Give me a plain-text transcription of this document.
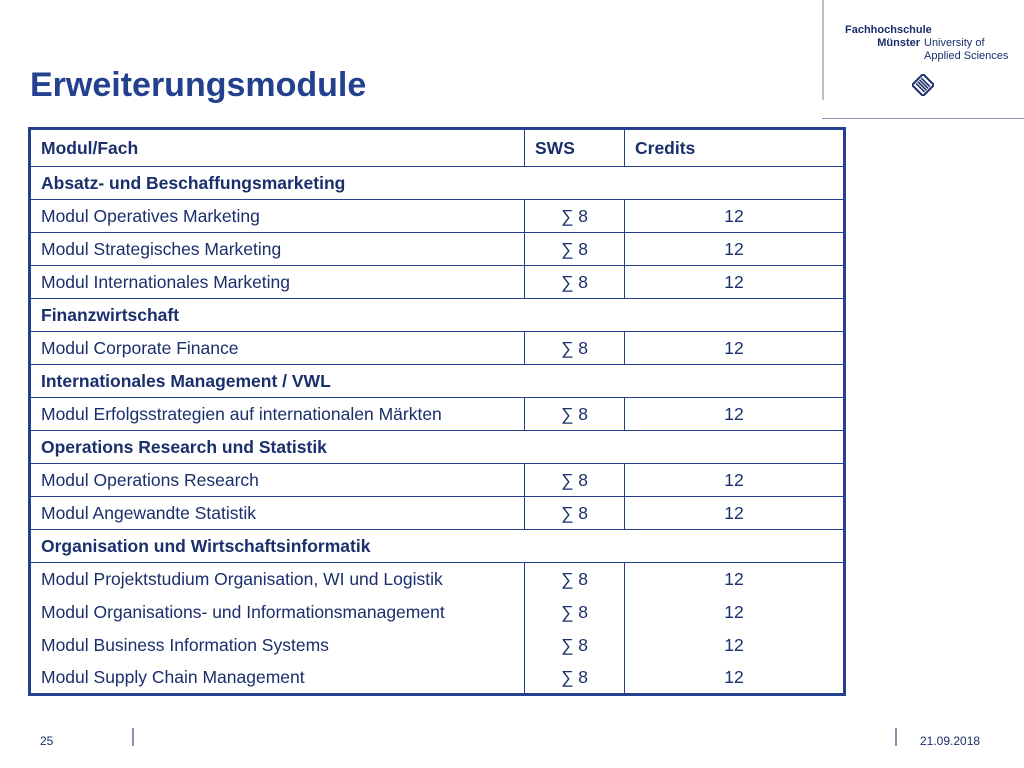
Erweiterungsmodule
Fachhochschule
Münster University of
Applied Sciences
Modul/Fach	SWS	Credits
Absatz- und Beschaffungsmarketing		
Modul Operatives Marketing	∑ 8	12
Modul Strategisches Marketing	∑ 8	12
Modul Internationales Marketing	∑ 8	12
Finanzwirtschaft		
Modul Corporate Finance	∑ 8	12
Internationales Management / VWL		
Modul Erfolgsstrategien auf internationalen Märkten	∑ 8	12
Operations Research und Statistik		
Modul Operations Research	∑ 8	12
Modul Angewandte Statistik	∑ 8	12
Organisation und Wirtschaftsinformatik		
Modul Projektstudium Organisation, WI und Logistik	∑ 8	12
Modul Organisations- und Informationsmanagement	∑ 8	12
Modul Business Information Systems	∑ 8	12
Modul Supply Chain Management	∑ 8	12
25	21.09.2018
